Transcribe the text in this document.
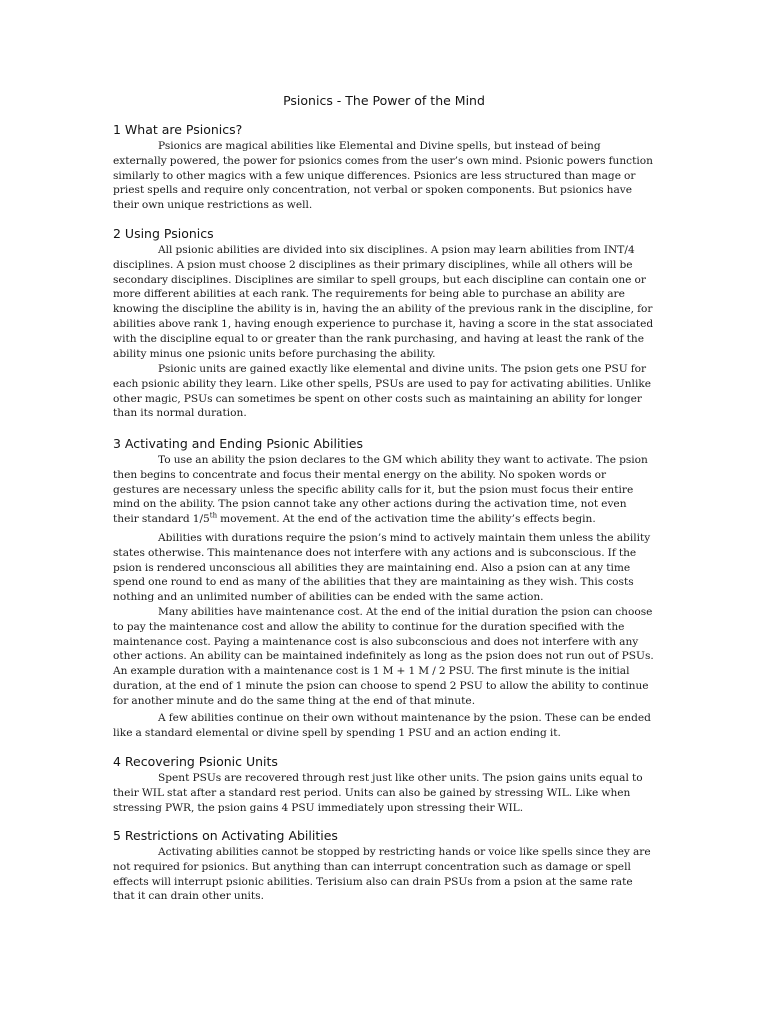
Psionics - The Power of the Mind
1 What are Psionics?

Psionics are magical abilities like Elemental and Divine spells, but instead of being externally powered, the power for psionics comes from the user’s own mind. Psionic powers function similarly to other magics with a few unique differences. Psionics are less structured than mage or priest spells and require only concentration, not verbal or spoken components. But psionics have their own unique restrictions as well.

2 Using Psionics

All psionic abilities are divided into six disciplines. A psion may learn abilities from INT/4 disciplines. A psion must choose 2 disciplines as their primary disciplines, while all others will be secondary disciplines. Disciplines are similar to spell groups, but each discipline can contain one or more different abilities at each rank. The requirements for being able to purchase an ability are knowing the discipline the ability is in, having the an ability of the previous rank in the discipline, for abilities above rank 1, having enough experience to purchase it, having a score in the stat associated with the discipline equal to or greater than the rank purchasing, and having at least the rank of the ability minus one psionic units before purchasing the ability.

Psionic units are gained exactly like elemental and divine units. The psion gets one PSU for each psionic ability they learn. Like other spells, PSUs are used to pay for activating abilities. Unlike other magic, PSUs can sometimes be spent on other costs such as maintaining an ability for longer than its normal duration.

3 Activating and Ending Psionic Abilities

To use an ability the psion declares to the GM which ability they want to activate. The psion then begins to concentrate and focus their mental energy on the ability. No spoken words or gestures are necessary unless the specific ability calls for it, but the psion must focus their entire mind on the ability. The psion cannot take any other actions during the activation time, not even their standard 1/5th movement. At the end of the activation time the ability’s effects begin.

Abilities with durations require the psion’s mind to actively maintain them unless the ability states otherwise. This maintenance does not interfere with any actions and is subconscious. If the psion is rendered unconscious all abilities they are maintaining end. Also a psion can at any time spend one round to end as many of the abilities that they are maintaining as they wish. This costs nothing and an unlimited number of abilities can be ended with the same action.

Many abilities have maintenance cost. At the end of the initial duration the psion can choose to pay the maintenance cost and allow the ability to continue for the duration specified with the maintenance cost. Paying a maintenance cost is also subconscious and does not interfere with any other actions. An ability can be maintained indefinitely as long as the psion does not run out of PSUs. An example duration with a maintenance cost is 1 M + 1 M / 2 PSU. The first minute is the initial duration, at the end of 1 minute the psion can choose to spend 2 PSU to allow the ability to continue for another minute and do the same thing at the end of that minute.

A few abilities continue on their own without maintenance by the psion. These can be ended like a standard elemental or divine spell by spending 1 PSU and an action ending it.

4 Recovering Psionic Units

Spent PSUs are recovered through rest just like other units. The psion gains units equal to their WIL stat after a standard rest period. Units can also be gained by stressing WIL. Like when stressing PWR, the psion gains 4 PSU immediately upon stressing their WIL.

5 Restrictions on Activating Abilities

Activating abilities cannot be stopped by restricting hands or voice like spells since they are not required for psionics. But anything than can interrupt concentration such as damage or spell effects will interrupt psionic abilities. Terisium also can drain PSUs from a psion at the same rate that it can drain other units.
